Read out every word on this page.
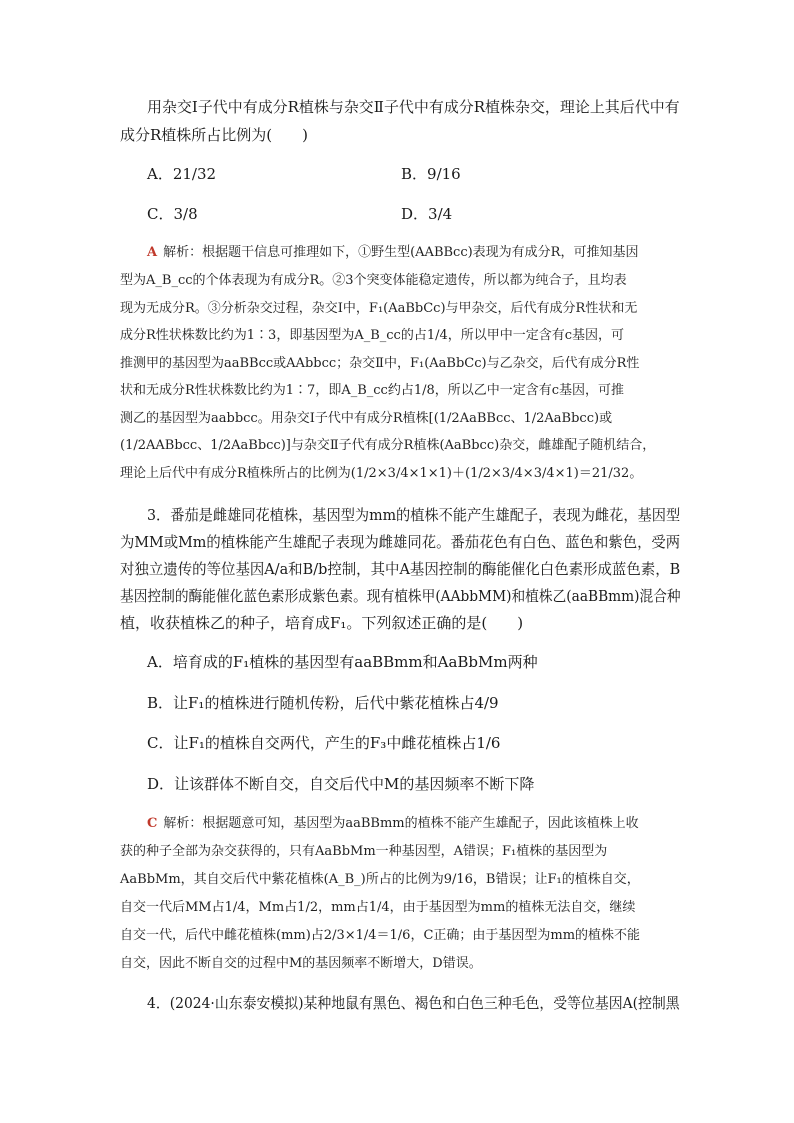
用杂交Ⅰ子代中有成分R植株与杂交Ⅱ子代中有成分R植株杂交，理论上其后代中有
成分R植株所占比例为(　　)
A．21/32	B．9/16
C．3/8	D．3/4
A 解析：根据题干信息可推理如下，①野生型(AABBcc)表现为有成分R，可推知基因
型为A_B_cc的个体表现为有成分R。②3个突变体能稳定遗传，所以都为纯合子，且均表
现为无成分R。③分析杂交过程，杂交Ⅰ中，F₁(AaBbCc)与甲杂交，后代有成分R性状和无
成分R性状株数比约为1∶3，即基因型为A_B_cc的占1/4，所以甲中一定含有c基因，可
推测甲的基因型为aaBBcc或AAbbcc；杂交Ⅱ中，F₁(AaBbCc)与乙杂交，后代有成分R性
状和无成分R性状株数比约为1∶7，即A_B_cc约占1/8，所以乙中一定含有c基因，可推
测乙的基因型为aabbcc。用杂交Ⅰ子代中有成分R植株[(1/2AaBBcc、1/2AaBbcc)或
(1/2AABbcc、1/2AaBbcc)]与杂交Ⅱ子代有成分R植株(AaBbcc)杂交，雌雄配子随机结合，
理论上后代中有成分R植株所占的比例为(1/2×3/4×1×1)＋(1/2×3/4×3/4×1)＝21/32。
3．番茄是雌雄同花植株，基因型为mm的植株不能产生雄配子，表现为雌花，基因型
为MM或Mm的植株能产生雄配子表现为雌雄同花。番茄花色有白色、蓝色和紫色，受两
对独立遗传的等位基因A/a和B/b控制，其中A基因控制的酶能催化白色素形成蓝色素，B
基因控制的酶能催化蓝色素形成紫色素。现有植株甲(AAbbMM)和植株乙(aaBBmm)混合种
植，收获植株乙的种子，培育成F₁。下列叙述正确的是(　　)
A．培育成的F₁植株的基因型有aaBBmm和AaBbMm两种
B．让F₁的植株进行随机传粉，后代中紫花植株占4/9
C．让F₁的植株自交两代，产生的F₃中雌花植株占1/6
D．让该群体不断自交，自交后代中M的基因频率不断下降
C 解析：根据题意可知，基因型为aaBBmm的植株不能产生雄配子，因此该植株上收
获的种子全部为杂交获得的，只有AaBbMm一种基因型，A错误；F₁植株的基因型为
AaBbMm，其自交后代中紫花植株(A_B_)所占的比例为9/16，B错误；让F₁的植株自交，
自交一代后MM占1/4，Mm占1/2，mm占1/4，由于基因型为mm的植株无法自交，继续
自交一代，后代中雌花植株(mm)占2/3×1/4＝1/6，C正确；由于基因型为mm的植株不能
自交，因此不断自交的过程中M的基因频率不断增大，D错误。
4．(2024·山东泰安模拟)某种地鼠有黑色、褐色和白色三种毛色，受等位基因A(控制黑
